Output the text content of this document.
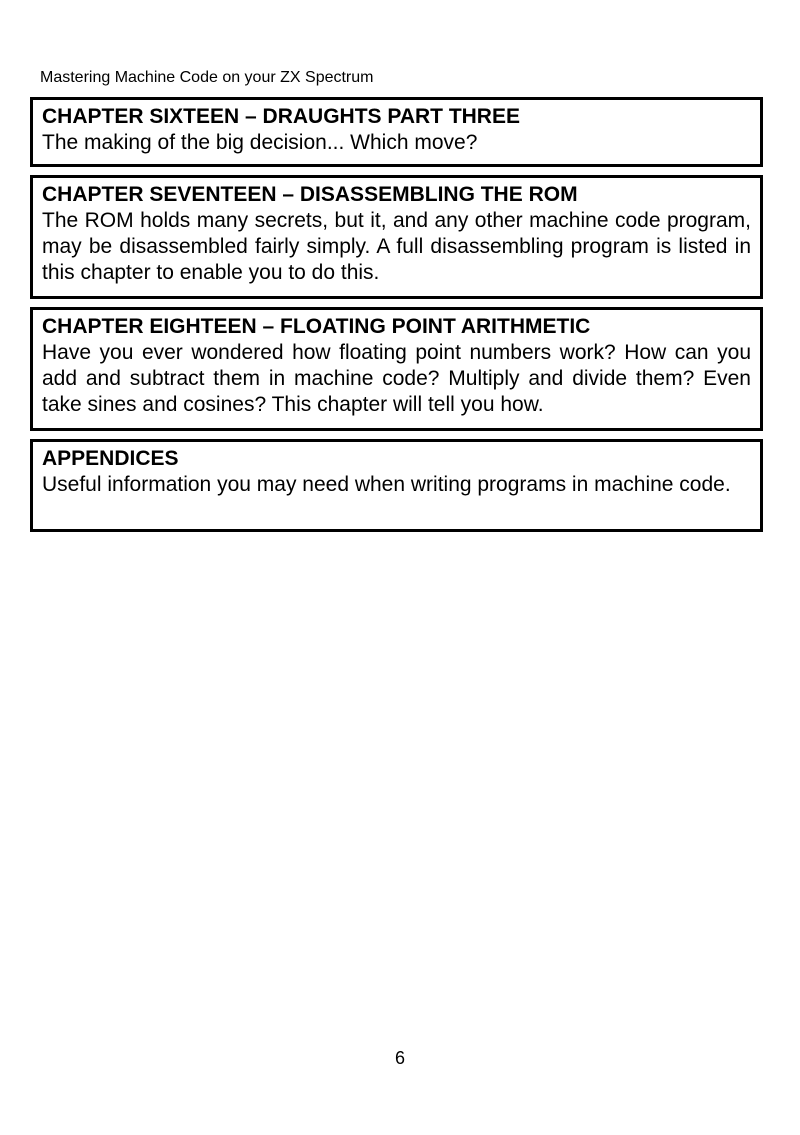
Mastering Machine Code on your ZX Spectrum
CHAPTER SIXTEEN – DRAUGHTS PART THREE
The making of the big decision... Which move?
CHAPTER SEVENTEEN – DISASSEMBLING THE ROM
The ROM holds many secrets, but it, and any other machine code program, may be disassembled fairly simply. A full disassembling program is listed in this chapter to enable you to do this.
CHAPTER EIGHTEEN – FLOATING POINT ARITHMETIC
Have you ever wondered how floating point numbers work? How can you add and subtract them in machine code? Multiply and divide them? Even take sines and cosines? This chapter will tell you how.
APPENDICES
Useful information you may need when writing programs in machine code.
6
